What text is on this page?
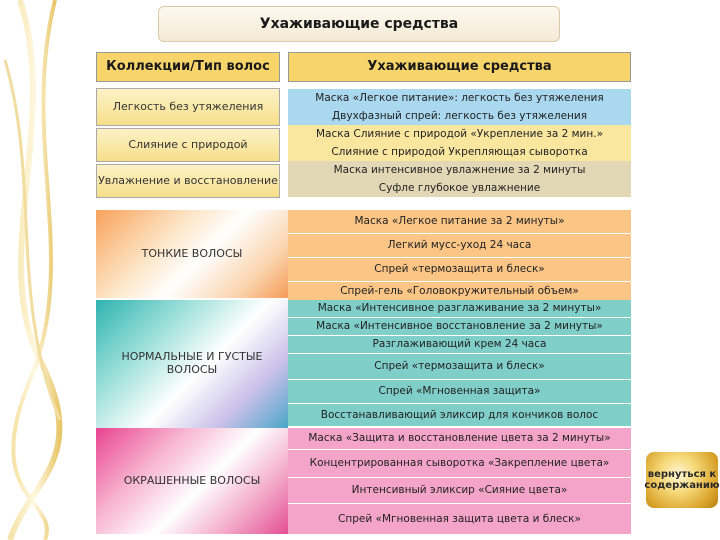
Ухаживающие средства
Коллекции/Тип волос	Ухаживающие средства
Легкость без утяжеления
Слияние с природой
Увлажнение и восстановление
Маска «Легкое питание»: легкость без утяжеления
Двухфазный спрей: легкость без утяжеления
Маска Слияние с природой «Укрепление за 2 мин.»
Слияние с природой Укрепляющая сыворотка
Маска интенсивное увлажнение за 2 минуты
Суфле глубокое увлажнение
ТОНКИЕ ВОЛОСЫ
Маска «Легкое питание за 2 минуты»
Легкий мусс-уход 24 часа
Спрей «термозащита и блеск»
Спрей-гель «Головокружительный объем»
НОРМАЛЬНЫЕ И ГУСТЫЕ ВОЛОСЫ
Маска «Интенсивное разглаживание за 2 минуты»
Маска «Интенсивное восстановление за 2 минуты»
Разглаживающий крем 24 часа
Спрей «термозащита и блеск»
Спрей «Мгновенная защита»
Восстанавливающий эликсир для кончиков волос
ОКРАШЕННЫЕ ВОЛОСЫ
Маска «Защита и восстановление цвета за 2 минуты»
Концентрированная сыворотка «Закрепление цвета»
Интенсивный эликсир «Сияние цвета»
Спрей «Мгновенная защита цвета и блеск»
вернуться к содержанию
